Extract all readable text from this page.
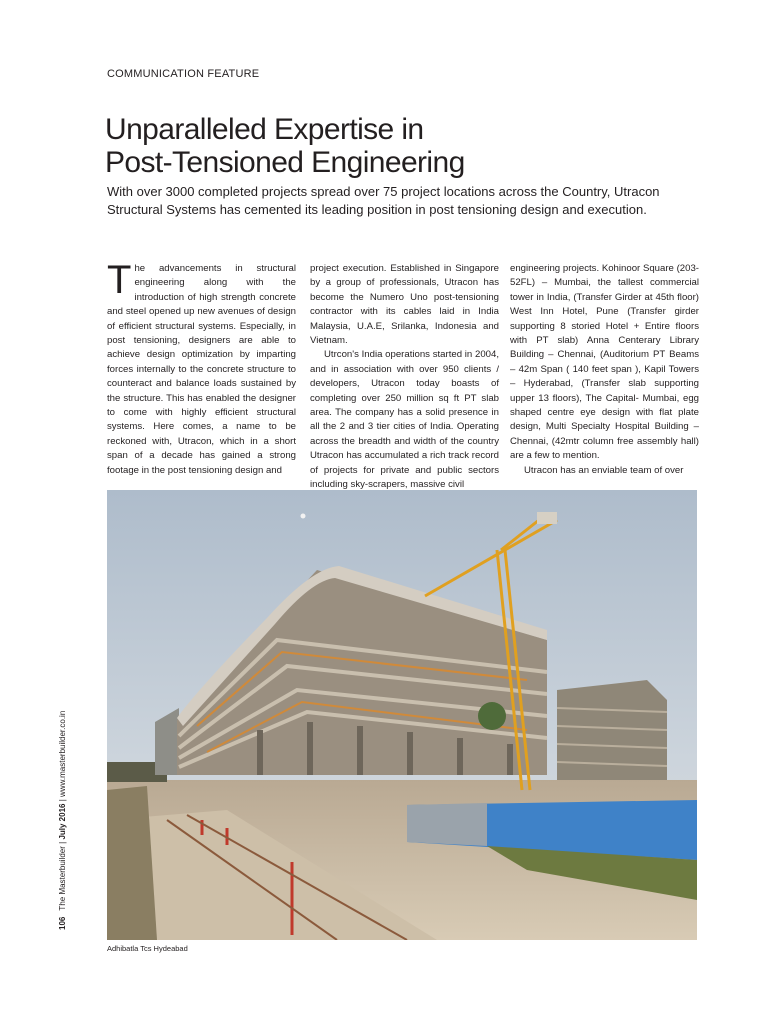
COMMUNICATION FEATURE
Unparalleled Expertise in
Post-Tensioned Engineering

With over 3000 completed projects spread over 75 project locations across the Country, Utracon Structural Systems has cemented its leading position in post tensioning design and execution.

The advancements in structural engineering along with the introduction of high strength concrete and steel opened up new avenues of design of efficient structural systems. Especially, in post tensioning, designers are able to achieve design optimization by imparting forces internally to the concrete structure to counteract and balance loads sustained by the structure. This has enabled the designer to come with highly efficient structural systems. Here comes, a name to be reckoned with, Utracon, which in a short span of a decade has gained a strong footage in the post tensioning design and

project execution. Established in Singapore by a group of professionals, Utracon has become the Numero Uno post-tensioning contractor with its cables laid in India Malaysia, U.A.E, Srilanka, Indonesia and Vietnam.

Utrcon's India operations started in 2004, and in association with over 950 clients / developers, Utracon today boasts of completing over 250 million sq ft PT slab area. The company has a solid presence in all the 2 and 3 tier cities of India. Operating across the breadth and width of the country Utracon has accumulated a rich track record of projects for private and public sectors including sky-scrapers, massive civil

engineering projects. Kohinoor Square (203-52FL) – Mumbai, the tallest commercial tower in India, (Transfer Girder at 45th floor) West Inn Hotel, Pune (Transfer girder supporting 8 storied Hotel + Entire floors with PT slab) Anna Centerary Library Building – Chennai, (Auditorium PT Beams – 42m Span ( 140 feet span ), Kapil Towers – Hyderabad, (Transfer slab supporting upper 13 floors), The Capital- Mumbai, egg shaped centre eye design with flat plate design, Multi Specialty Hospital Building – Chennai, (42mtr column free assembly hall) are a few to mention.

Utracon has an enviable team of over

Adhibatla Tcs Hydeabad
106 The Masterbuilder | July 2016 | www.masterbuilder.co.in
